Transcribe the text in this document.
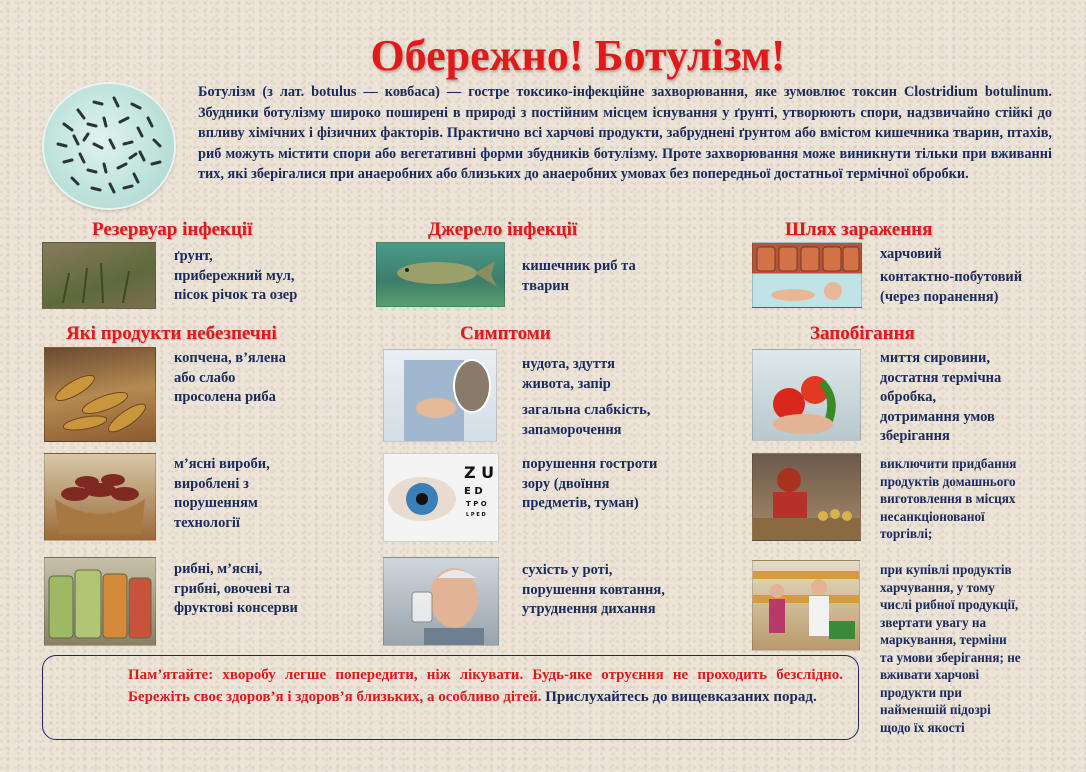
Обережно! Ботулізм!
Ботулізм (з лат. botulus — ковбаса) — гостре токсико-інфекційне захворювання, яке зумовлює токсин Clostridium botulinum. Збудники ботулізму широко поширені в природі з постійним місцем існування у ґрунті, утворюють спори, надзвичайно стійкі до впливу хімічних і фізичних факторів. Практично всі харчові продукти, забруднені ґрунтом або вмістом кишечника тварин, птахів, риб можуть містити спори або вегетативні форми збудників ботулізму. Проте захворювання може виникнути тільки при вживанні тих, які зберігалися при анаеробних або близьких до анаеробних умовах без попередньої достатньої термічної обробки.
Резервуар інфекції	Джерело інфекції	Шлях зараження
ґрунт,
прибережний мул,
пісок річок та озер
кишечник риб та
тварин
харчовий
контактно-побутовий
(через поранення)
Які продукти небезпечні	Симптоми	Запобігання
копчена, в’ялена
або слабо
просолена риба
м’ясні вироби,
вироблені з
порушенням
технології
рибні, м’ясні,
грибні, овочеві та
фруктові консерви
Z U
E D
T P O
L P E D
нудота, здуття
живота, запір
загальна слабкість,
запаморочення
порушення гостроти
зору (двоїння
предметів, туман)
сухість у роті,
порушення ковтання,
утруднення дихання
миття сировини,
достатня термічна
обробка,
дотримання умов
зберігання
виключити придбання
продуктів домашнього
виготовлення в місцях
несанкціонованої
торгівлі;
при купівлі продуктів
харчування, у тому
числі рибної продукції,
звертати увагу на
маркування, терміни
та умови зберігання; не
вживати харчові
продукти при
найменшій підозрі
щодо їх якості
Пам’ятайте: хворобу легше попередити, ніж лікувати. Будь-яке отруєння не проходить безслідно. Бережіть своє здоров’я і здоров’я близьких, а особливо дітей. Прислухайтесь до вищевказаних порад.
